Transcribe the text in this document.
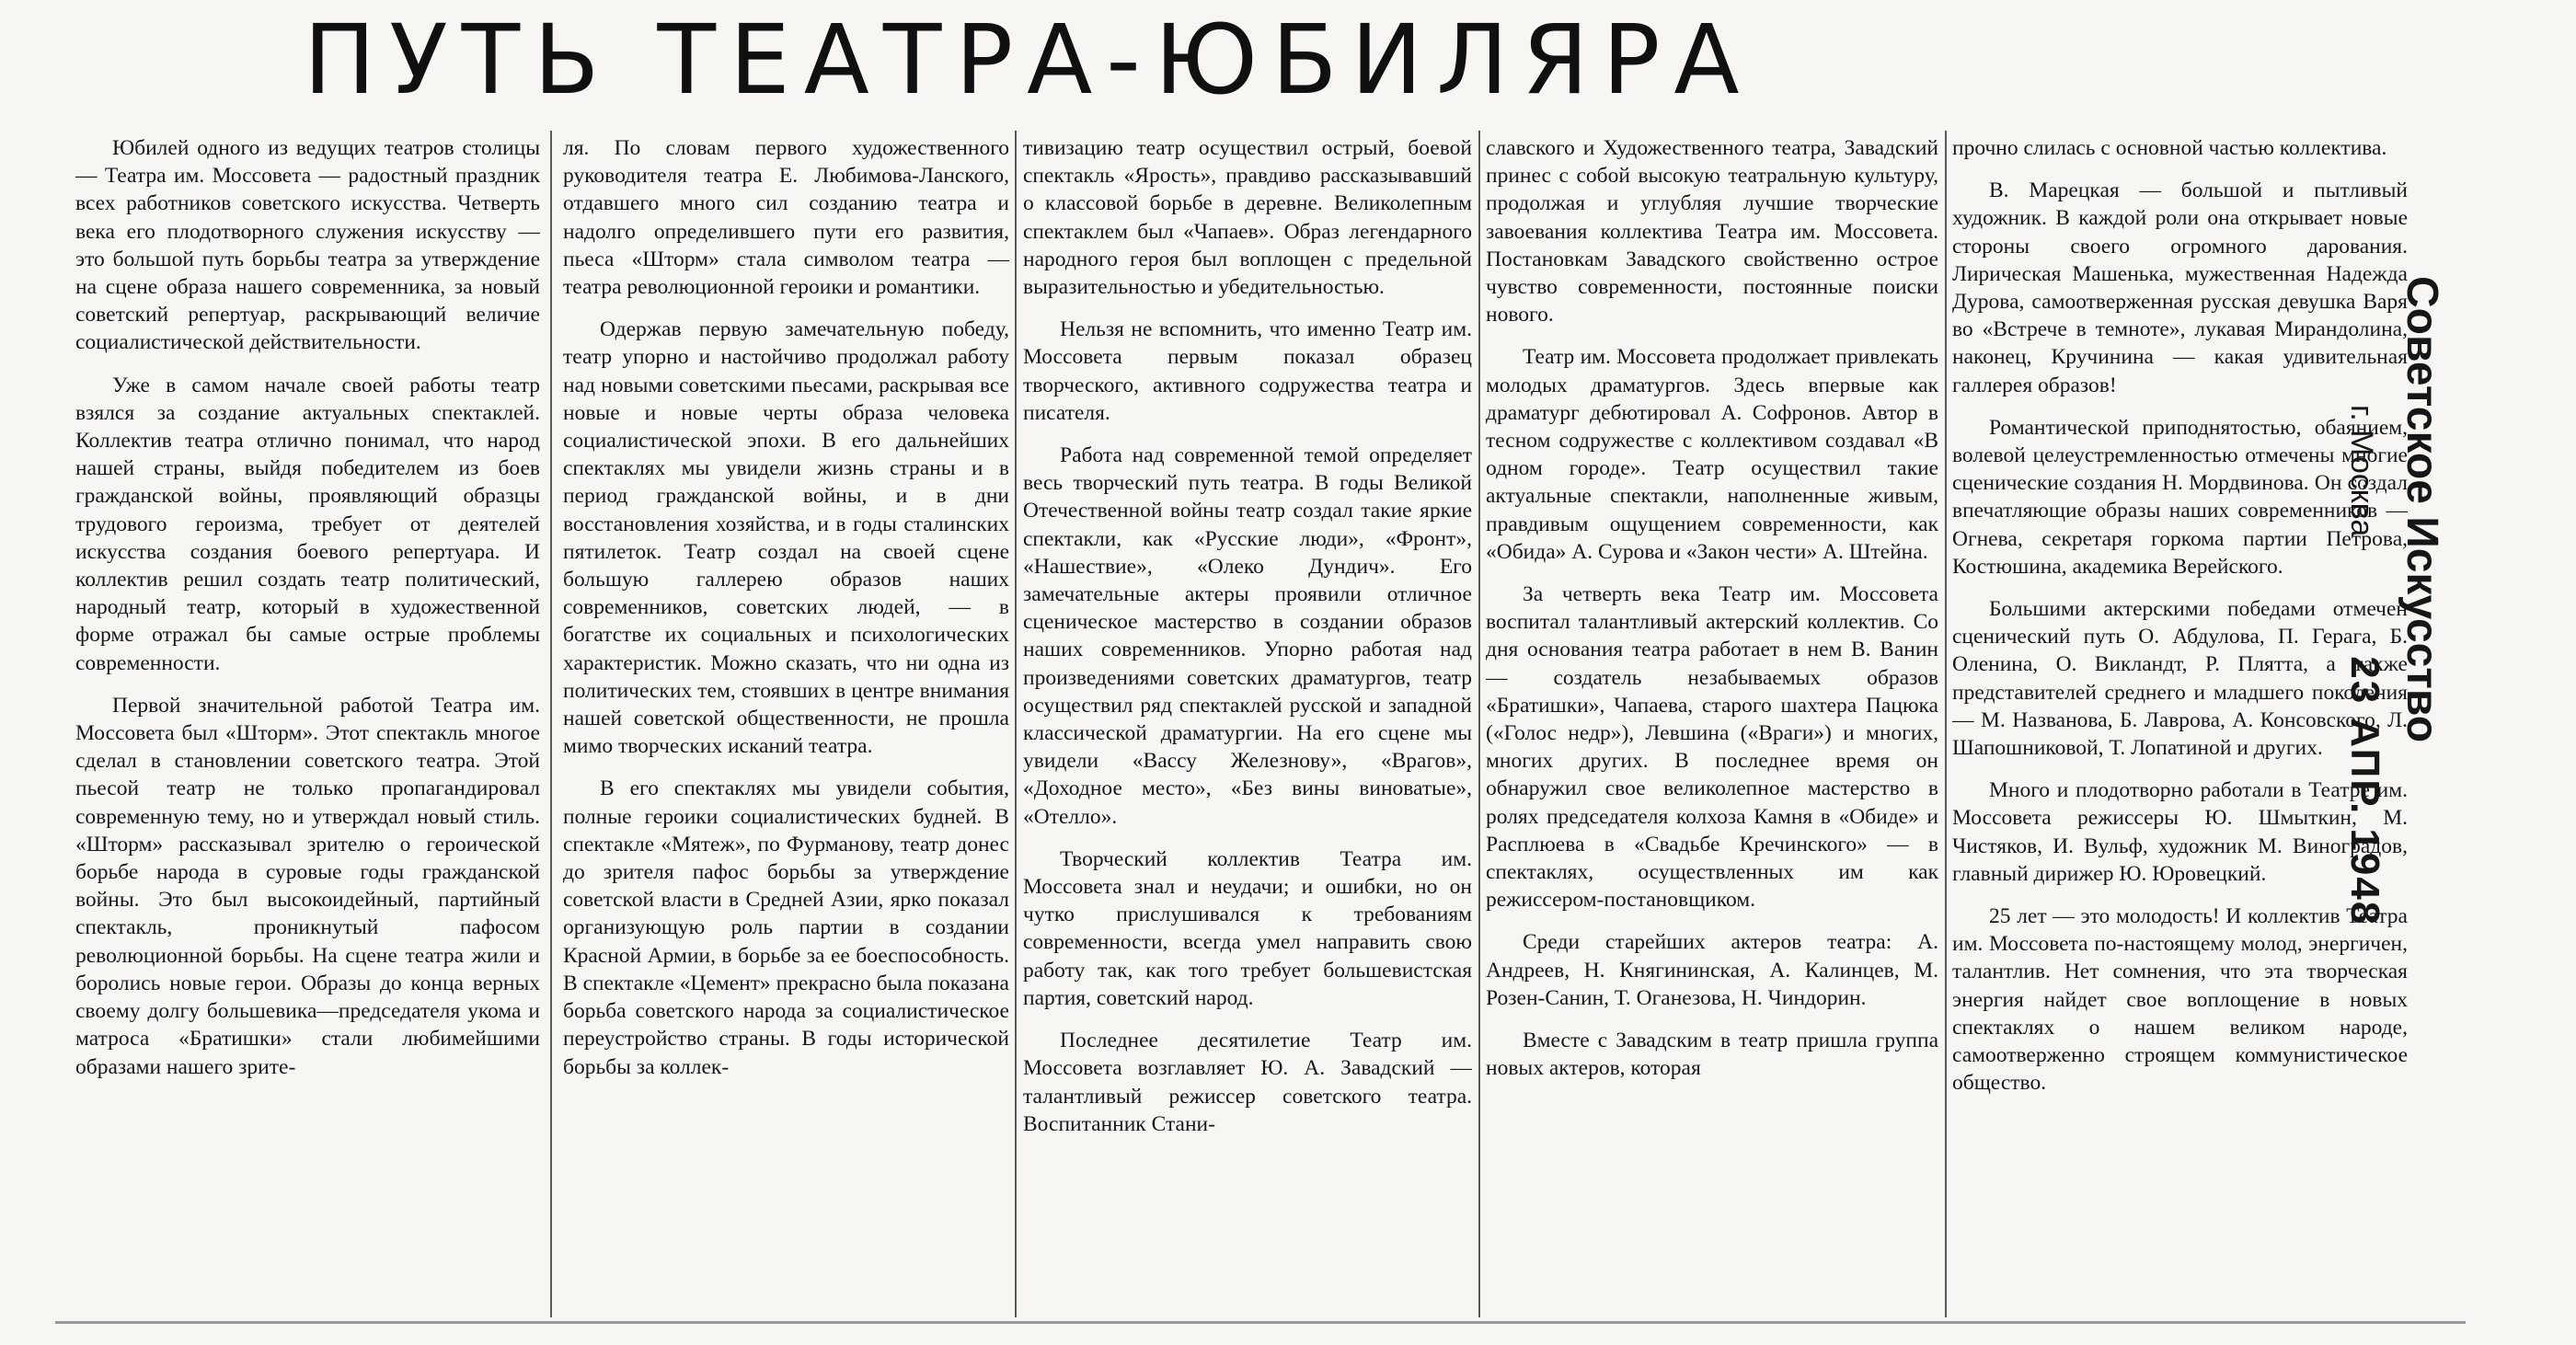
ПУТЬ ТЕАТРА-ЮБИЛЯРА

Юбилей одного из ведущих театров столицы — Театра им. Моссовета — радостный праздник всех работников советского искусства. Четверть века его плодотворного служения искусству — это большой путь борьбы театра за утверждение на сцене образа нашего современника, за новый советский репертуар, раскрывающий величие социалистической действительности.

Уже в самом начале своей работы театр взялся за создание актуальных спектаклей. Коллектив театра отлично понимал, что народ нашей страны, выйдя победителем из боев гражданской войны, проявляющий образцы трудового героизма, требует от деятелей искусства создания боевого репертуара. И коллектив решил создать театр политический, народный театр, который в художественной форме отражал бы самые острые проблемы современности.

Первой значительной работой Театра им. Моссовета был «Шторм». Этот спектакль многое сделал в становлении советского театра. Этой пьесой театр не только пропагандировал современную тему, но и утверждал новый стиль. «Шторм» рассказывал зрителю о героической борьбе народа в суровые годы гражданской войны. Это был высокоидейный, партийный спектакль, проникнутый пафосом революционной борьбы. На сцене театра жили и боролись новые герои. Образы до конца верных своему долгу большевика—председателя укома и матроса «Братишки» стали любимейшими образами нашего зрите-

ля. По словам первого художественного руководителя театра Е. Любимова-Ланского, отдавшего много сил созданию театра и надолго определившего пути его развития, пьеса «Шторм» стала символом театра — театра революционной героики и романтики.

Одержав первую замечательную победу, театр упорно и настойчиво продолжал работу над новыми советскими пьесами, раскрывая все новые и новые черты образа человека социалистической эпохи. В его дальнейших спектаклях мы увидели жизнь страны и в период гражданской войны, и в дни восстановления хозяйства, и в годы сталинских пятилеток. Театр создал на своей сцене большую галлерею образов наших современников, советских людей, — в богатстве их социальных и психологических характеристик. Можно сказать, что ни одна из политических тем, стоявших в центре внимания нашей советской общественности, не прошла мимо творческих исканий театра.

В его спектаклях мы увидели события, полные героики социалистических будней. В спектакле «Мятеж», по Фурманову, театр донес до зрителя пафос борьбы за утверждение советской власти в Средней Азии, ярко показал организующую роль партии в создании Красной Армии, в борьбе за ее боеспособность. В спектакле «Цемент» прекрасно была показана борьба советского народа за социалистическое переустройство страны. В годы исторической борьбы за коллек-

тивизацию театр осуществил острый, боевой спектакль «Ярость», правдиво рассказывавший о классовой борьбе в деревне. Великолепным спектаклем был «Чапаев». Образ легендарного народного героя был воплощен с предельной выразительностью и убедительностью.

Нельзя не вспомнить, что именно Театр им. Моссовета первым показал образец творческого, активного содружества театра и писателя.

Работа над современной темой определяет весь творческий путь театра. В годы Великой Отечественной войны театр создал такие яркие спектакли, как «Русские люди», «Фронт», «Нашествие», «Олеко Дундич». Его замечательные актеры проявили отличное сценическое мастерство в создании образов наших современников. Упорно работая над произведениями советских драматургов, театр осуществил ряд спектаклей русской и западной классической драматургии. На его сцене мы увидели «Вассу Железнову», «Врагов», «Доходное место», «Без вины виноватые», «Отелло».

Творческий коллектив Театра им. Моссовета знал и неудачи; и ошибки, но он чутко прислушивался к требованиям современности, всегда умел направить свою работу так, как того требует большевистская партия, советский народ.

Последнее десятилетие Театр им. Моссовета возглавляет Ю. А. Завадский — талантливый режиссер советского театра. Воспитанник Стани-

славского и Художественного театра, Завадский принес с собой высокую театральную культуру, продолжая и углубляя лучшие творческие завоевания коллектива Театра им. Моссовета. Постановкам Завадского свойственно острое чувство современности, постоянные поиски нового.

Театр им. Моссовета продолжает привлекать молодых драматургов. Здесь впервые как драматург дебютировал А. Софронов. Автор в тесном содружестве с коллективом создавал «В одном городе». Театр осуществил такие актуальные спектакли, наполненные живым, правдивым ощущением современности, как «Обида» А. Сурова и «Закон чести» А. Штейна.

За четверть века Театр им. Моссовета воспитал талантливый актерский коллектив. Со дня основания театра работает в нем В. Ванин — создатель незабываемых образов «Братишки», Чапаева, старого шахтера Пацюка («Голос недр»), Левшина («Враги») и многих, многих других. В последнее время он обнаружил свое великолепное мастерство в ролях председателя колхоза Камня в «Обиде» и Расплюева в «Свадьбе Кречинского» — в спектаклях, осуществленных им как режиссером-постановщиком.

Среди старейших актеров театра: А. Андреев, Н. Княгининская, А. Калинцев, М. Розен-Санин, Т. Оганезова, Н. Чиндорин.

Вместе с Завадским в театр пришла группа новых актеров, которая

прочно слилась с основной частью коллектива.

В. Марецкая — большой и пытливый художник. В каждой роли она открывает новые стороны своего огромного дарования. Лирическая Машенька, мужественная Надежда Дурова, самоотверженная русская девушка Варя во «Встрече в темноте», лукавая Мирандолина, наконец, Кручинина — какая удивительная галлерея образов!

Романтической приподнятостью, обаянием, волевой целеустремленностью отмечены многие сценические создания Н. Мордвинова. Он создал впечатляющие образы наших современников — Огнева, секретаря горкома партии Петрова, Костюшина, академика Верейского.

Большими актерскими победами отмечен сценический путь О. Абдулова, П. Герага, Б. Оленина, О. Викландт, Р. Плятта, а также представителей среднего и младшего поколения — М. Названова, Б. Лаврова, А. Консовского, Л. Шапошниковой, Т. Лопатиной и других.

Много и плодотворно работали в Театре им. Моссовета режиссеры Ю. Шмыткин, М. Чистяков, И. Вульф, художник М. Виноградов, главный дирижер Ю. Юровецкий.

25 лет — это молодость! И коллектив Театра им. Моссовета по-настоящему молод, энергичен, талантлив. Нет сомнения, что эта творческая энергия найдет свое воплощение в новых спектаклях о нашем великом народе, самоотверженно строящем коммунистическое общество.

Советское Искусство
г. Москва
23 АПР. 1948
